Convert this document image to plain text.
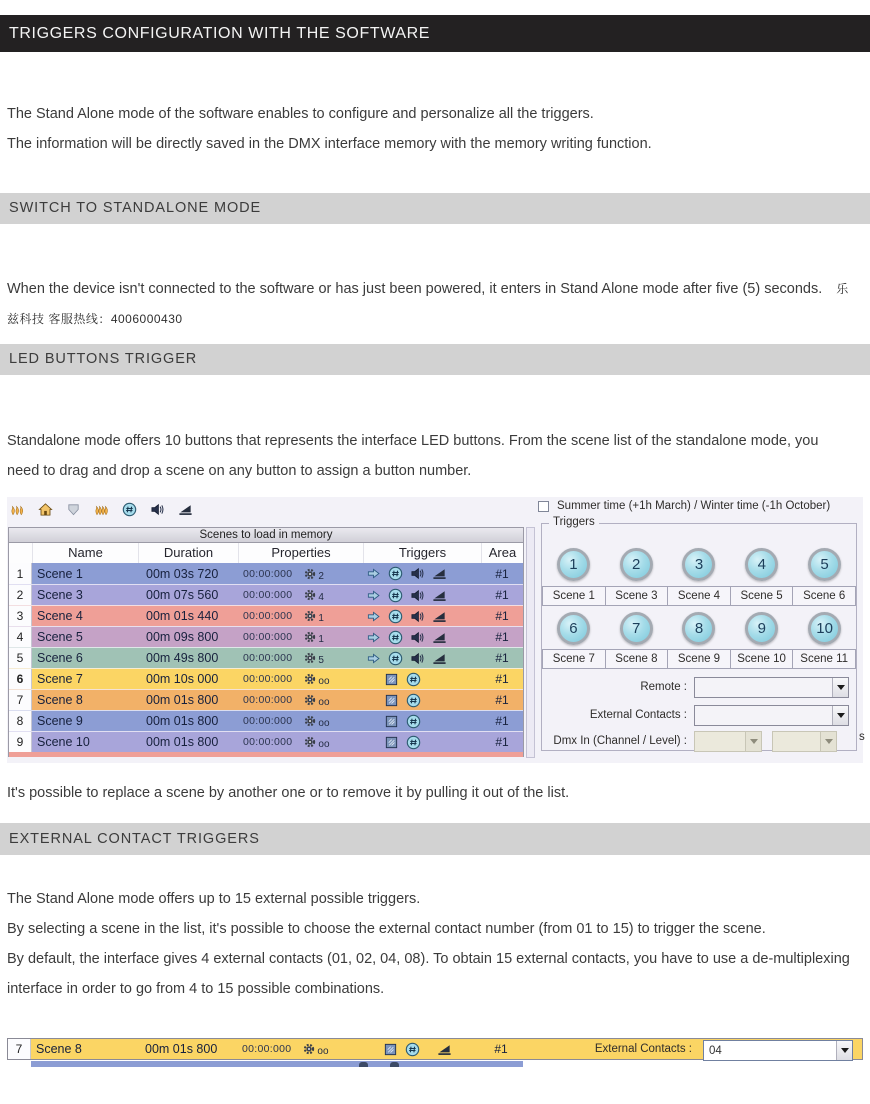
TRIGGERS CONFIGURATION WITH THE SOFTWARE
The Stand Alone mode of the software enables to configure and personalize all the triggers.
The information will be directly saved in the DMX interface memory with the memory writing function.
SWITCH TO STANDALONE MODE
When the device isn't connected to the software or has just been powered, it enters in Stand Alone mode after five (5) seconds. 乐兹科技 客服热线：4006000430
LED BUTTONS TRIGGER
Standalone mode offers 10 buttons that represents the interface LED buttons. From the scene list of the standalone mode, you need to drag and drop a scene on any button to assign a button number.
Scenes to load in memory
Name	Duration	Properties	Triggers	Area
1	Scene 1	00m 03s 720	00:00:000	2	#1
2	Scene 3	00m 07s 560	00:00:000	4	#1
3	Scene 4	00m 01s 440	00:00:000	1	#1
4	Scene 5	00m 09s 800	00:00:000	1	#1
5	Scene 6	00m 49s 800	00:00:000	5	#1
6	Scene 7	00m 10s 000	00:00:000	oo	#1
7	Scene 8	00m 01s 800	00:00:000	oo	#1
8	Scene 9	00m 01s 800	00:00:000	oo	#1
9	Scene 10	00m 01s 800	00:00:000	oo	#1
Summer time (+1h March) / Winter time (-1h October)
Triggers
1	2	3	4	5
Scene 1	Scene 3	Scene 4	Scene 5	Scene 6
6	7	8	9	10
Scene 7	Scene 8	Scene 9	Scene 10	Scene 11
Remote :
External Contacts :
Dmx In (Channel / Level) :	s
It's possible to replace a scene by another one or to remove it by pulling it out of the list.
EXTERNAL CONTACT TRIGGERS
The Stand Alone mode offers up to 15 external possible triggers.
By selecting a scene in the list, it's possible to choose the external contact number (from 01 to 15) to trigger the scene.
By default, the interface gives 4 external contacts (01, 02, 04, 08). To obtain 15 external contacts, you have to use a de-multiplexing interface in order to go from 4 to 15 possible combinations.
7	Scene 8	00m 01s 800	00:00:000	oo	#1	External Contacts :	04
